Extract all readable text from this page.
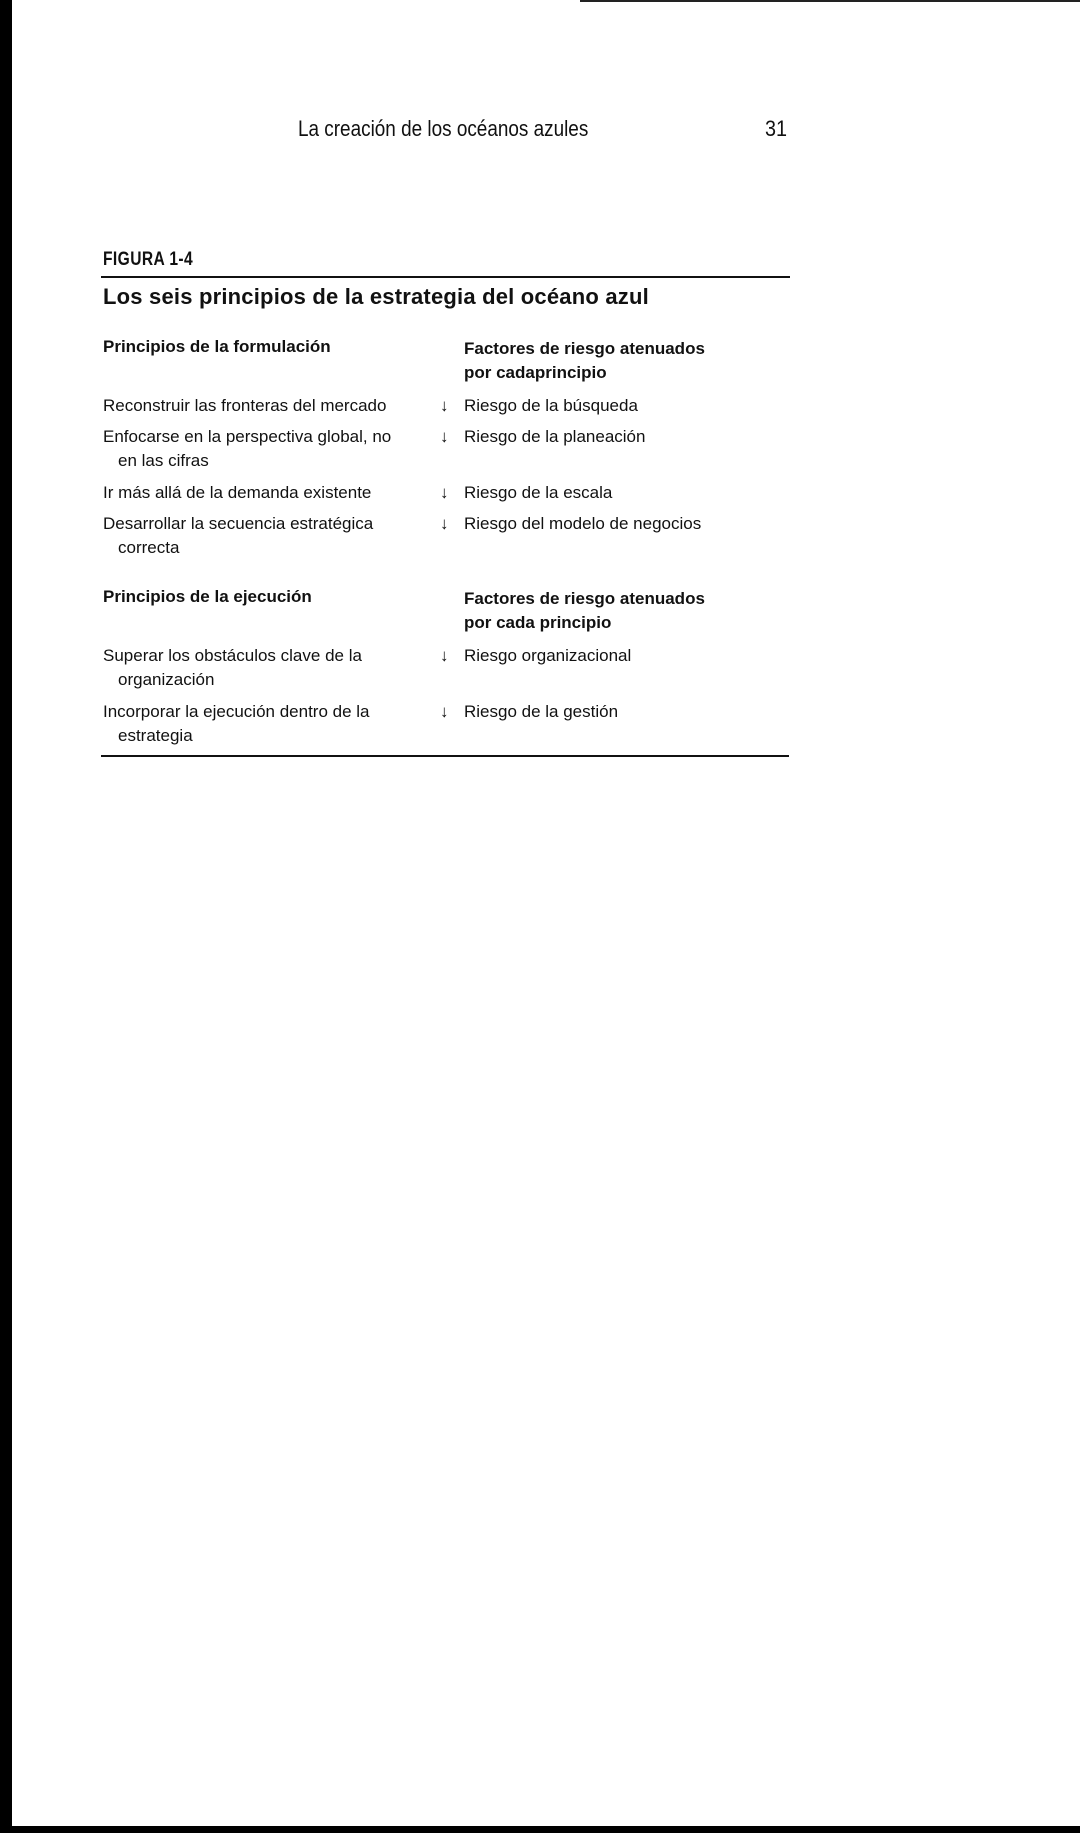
La creación de los océanos azules	31
FIGURA 1-4
Los seis principios de la estrategia del océano azul
Principios de la formulación	Factores de riesgo atenuados
por cadaprincipio
Reconstruir las fronteras del mercado	↓ Riesgo de la búsqueda
Enfocarse en la perspectiva global, no
en las cifras
↓ Riesgo de la planeación
Ir más allá de la demanda existente	↓ Riesgo de la escala
Desarrollar la secuencia estratégica
correcta
↓ Riesgo del modelo de negocios
Principios de la ejecución	Factores de riesgo atenuados
por cada principio
Superar los obstáculos clave de la
organización
↓ Riesgo organizacional
Incorporar la ejecución dentro de la
estrategia
↓ Riesgo de la gestión
